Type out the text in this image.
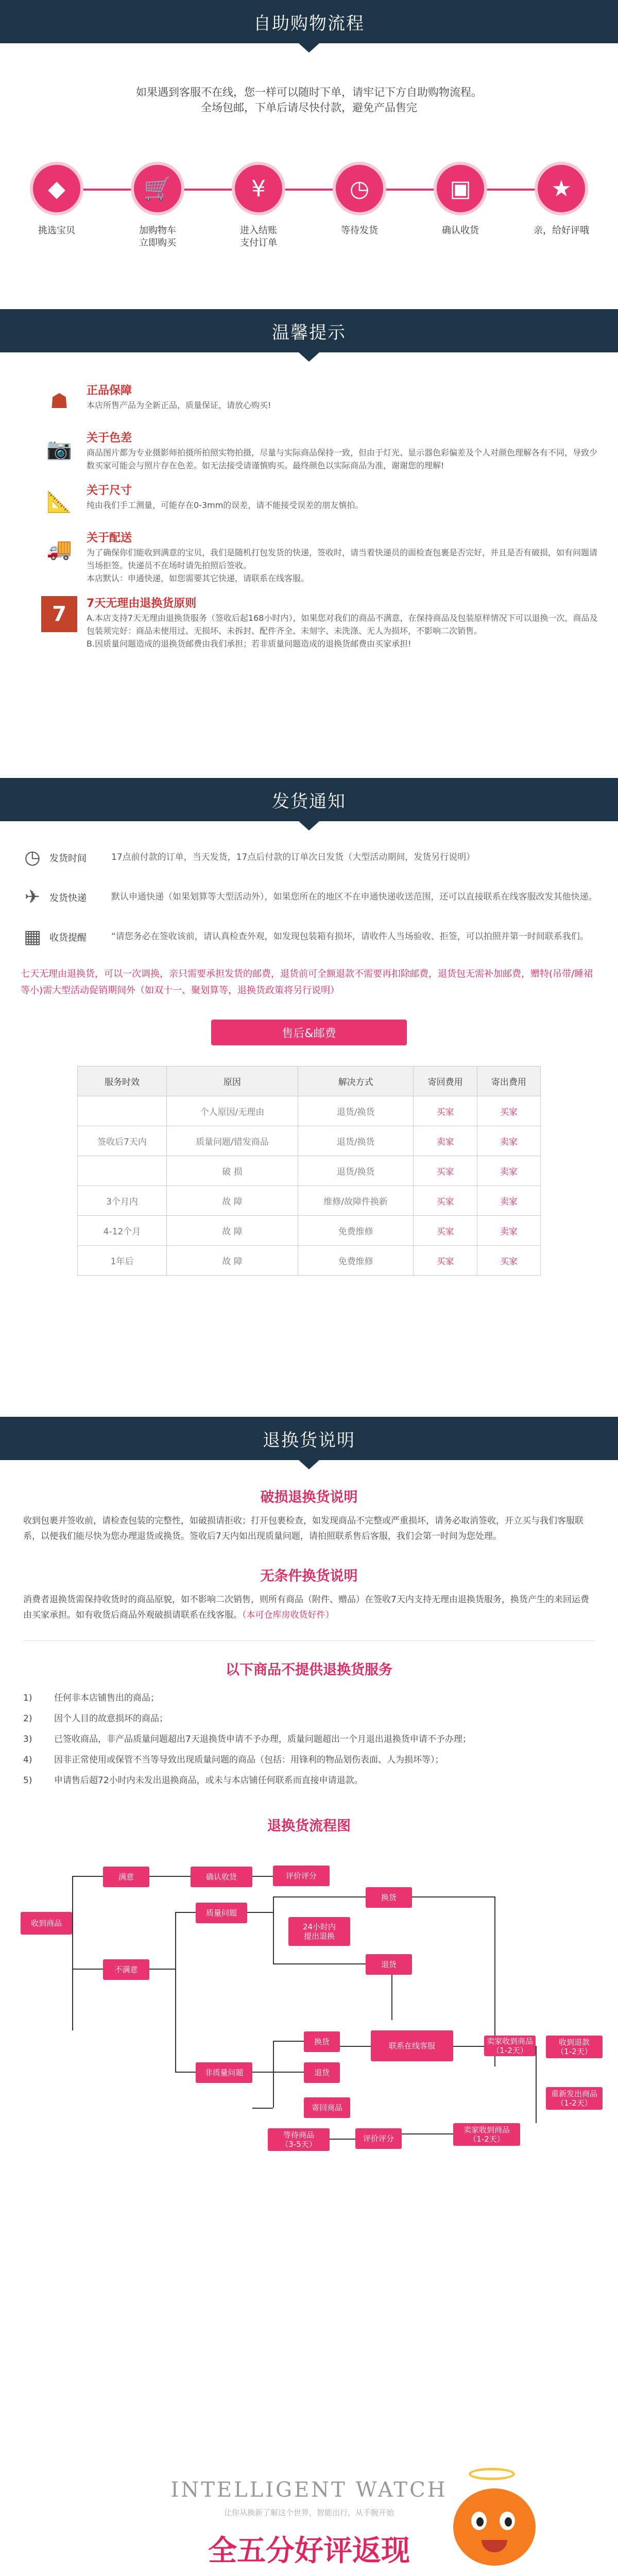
自助购物流程
如果遇到客服不在线，您一样可以随时下单，请牢记下方自助购物流程。
全场包邮，下单后请尽快付款，避免产品售完
◆
挑选宝贝
🛒
加购物车
立即购买
¥
进入结账
支付订单
◷
等待发货
▣
确认收货
★
亲，给好评哦
温馨提示
☗	正品保障
本店所售产品为全新正品，质量保证，请放心购买!
📷	关于色差
商品图片都为专业摄影师拍摄所拍照实物拍摄，尽量与实际商品保持一致，但由于灯光、显示器色彩偏差及个人对颜色理解各有不同，导致少数买家可能会与照片存在色差。如无法接受请谨慎购买。最终颜色以实际商品为准，谢谢您的理解!
📐	关于尺寸
纯由我们手工测量，可能存在0-3mm的误差，请不能接受误差的朋友慎拍。
🚚	关于配送
为了确保你们能收到满意的宝贝，我们是随机打包发货的快递，签收时，请当着快递员的面检查包裹是否完好，并且是否有破损，如有问题请当场拒签。快递员不在场时请先拍照后签收。
本店默认：申通快递，如您需要其它快递，请联系在线客服。
7	7天无理由退换货原则
A.本店支持7天无理由退换货服务（签收后起168小时内），如果您对我们的商品不满意，在保持商品及包装原样情况下可以退换一次，商品及包装须完好：商品未使用过、无损坏、未拆封、配件齐全、未刻字、未洗涤、无人为损坏，不影响二次销售。
B.因质量问题造成的退换货邮费由我们承担；若非质量问题造成的退换货邮费由买家承担!
发货通知
◷ 发货时间	17点前付款的订单，当天发货，17点后付款的订单次日发货（大型活动期间，发货另行说明）
✈ 发货快递	默认申通快递（如果划算等大型活动外），如果您所在的地区不在申通快递收送范围，还可以直接联系在线客服改发其他快递。
▦ 收货提醒	“请您务必在签收该前，请认真检查外观，如发现包装箱有损坏，请收件人当场验收、拒签，可以拍照并第一时间联系我们。
七天无理由退换货，可以一次调换，亲只需要承担发货的邮费，退货前可全额退款不需要再扣除邮费，退货包无需补加邮费，赠特(吊带/睡裙等小)需大型活动促销期间外（如双十一、聚划算等，退换货政策将另行说明）
售后&邮费
服务时效	原因	解决方式	寄回费用	寄出费用
	个人原因/无理由	退货/换货	买家	买家
签收后7天内	质量问题/错发商品	退货/换货	卖家	卖家
	破 损	退货/换货	买家	卖家
3个月内	故 障	维修/故障件换新	买家	卖家
4-12个月	故 障	免费维修	买家	卖家
1年后	故 障	免费维修	买家	买家
退换货说明
破损退换货说明
收到包裹并签收前，请检查包装的完整性，如破损请拒收；打开包裹检查，如发现商品不完整或严重损坏，请务必取消签收，开立买与我们客服联系，以便我们能尽快为您办理退货或换货。签收后7天内如出现质量问题，请拍照联系售后客服，我们会第一时间为您处理。
无条件换货说明
消费者退换货需保持收货时的商品原貌，如不影响二次销售，则所有商品（附件、赠品）在签收7天内支持无理由退换货服务，换货产生的来回运费由买家承担。如有收货后商品外观破损请联系在线客服。（本可仓库房收货好件）
以下商品不提供退换货服务
1)	任何非本店铺售出的商品；
2)	因个人目的故意损坏的商品；
3)	已签收商品，非产品质量问题超出7天退换货申请不予办理，质量问题超出一个月退出退换货申请不予办理；
4)	因非正常使用或保管不当等导致出现质量问题的商品（包括：用锋利的物品划伤表面、人为损坏等）；
5)	申请售后超72小时内未发出退换商品，或未与本店铺任何联系而直接申请退款。
退换货流程图
收到商品
满意	确认收货	评价评分
不满意
质量问题
24小时内
提出退换
换货
退货
非质量问题
换货
退货
联系在线客服	卖家收到商品 （1-2天）
收到退款
（1-2天）
重新发出商品
（1-2天）
寄回商品
等待商品
（3-5天）
评价评分
卖家收到商品
（1-2天）
INTELLIGENT WATCH
让你从换新了解这个世界，智能出行，从手腕开始
全五分好评返现
